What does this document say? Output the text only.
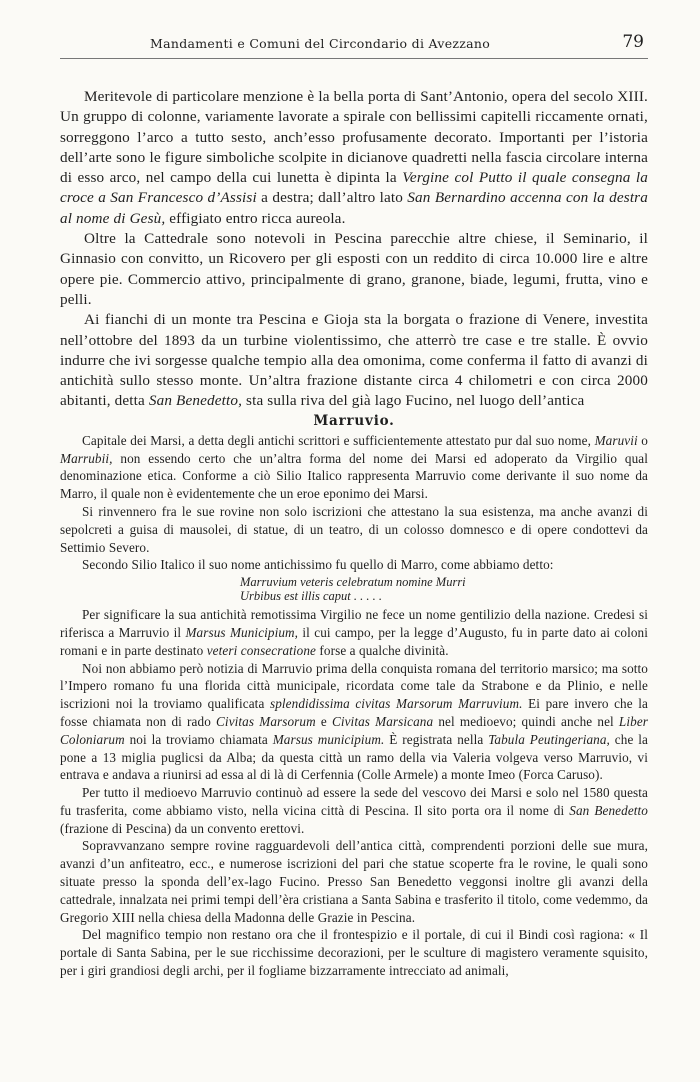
Mandamenti e Comuni del Circondario di Avezzano	79

Meritevole di particolare menzione è la bella porta di Sant’Antonio, opera del secolo XIII. Un gruppo di colonne, variamente lavorate a spirale con bellissimi capitelli riccamente ornati, sorreggono l’arco a tutto sesto, anch’esso profusamente decorato. Importanti per l’istoria dell’arte sono le figure simboliche scolpite in dicianove quadretti nella fascia circolare interna di esso arco, nel campo della cui lunetta è dipinta la Vergine col Putto il quale consegna la croce a San Francesco d’Assisi a destra; dall’altro lato San Bernardino accenna con la destra al nome di Gesù, effigiato entro ricca aureola.

Oltre la Cattedrale sono notevoli in Pescina parecchie altre chiese, il Seminario, il Ginnasio con convitto, un Ricovero per gli esposti con un reddito di circa 10.000 lire e altre opere pie. Commercio attivo, principalmente di grano, granone, biade, legumi, frutta, vino e pelli.

Ai fianchi di un monte tra Pescina e Gioja sta la borgata o frazione di Venere, investita nell’ottobre del 1893 da un turbine violentissimo, che atterrò tre case e tre stalle. È ovvio indurre che ivi sorgesse qualche tempio alla dea omonima, come conferma il fatto di avanzi di antichità sullo stesso monte. Un’altra frazione distante circa 4 chilometri e con circa 2000 abitanti, detta San Benedetto, sta sulla riva del già lago Fucino, nel luogo dell’antica

Marruvio.

Capitale dei Marsi, a detta degli antichi scrittori e sufficientemente attestato pur dal suo nome, Maruvii o Marrubii, non essendo certo che un’altra forma del nome dei Marsi ed adoperato da Virgilio qual denominazione etica. Conforme a ciò Silio Italico rappresenta Marruvio come derivante il suo nome da Marro, il quale non è evidentemente che un eroe eponimo dei Marsi.

Si rinvennero fra le sue rovine non solo iscrizioni che attestano la sua esistenza, ma anche avanzi di sepolcreti a guisa di mausolei, di statue, di un teatro, di un colosso domnesco e di opere condottevi da Settimio Severo.

Secondo Silio Italico il suo nome antichissimo fu quello di Marro, come abbiamo detto:

Marruvium veteris celebratum nomine Murri
Urbibus est illis caput . . . . .

Per significare la sua antichità remotissima Virgilio ne fece un nome gentilizio della nazione. Credesi si riferisca a Marruvio il Marsus Municipium, il cui campo, per la legge d’Augusto, fu in parte dato ai coloni romani e in parte destinato veteri consecratione forse a qualche divinità.

Noi non abbiamo però notizia di Marruvio prima della conquista romana del territorio marsico; ma sotto l’Impero romano fu una florida città municipale, ricordata come tale da Strabone e da Plinio, e nelle iscrizioni noi la troviamo qualificata splendidissima civitas Marsorum Marruvium. Ei pare invero che la fosse chiamata non di rado Civitas Marsorum e Civitas Marsicana nel medioevo; quindi anche nel Liber Coloniarum noi la troviamo chiamata Marsus municipium. È registrata nella Tabula Peutingeriana, che la pone a 13 miglia puglicsi da Alba; da questa città un ramo della via Valeria volgeva verso Marruvio, vi entrava e andava a riunirsi ad essa al di là di Cerfennia (Colle Armele) a monte Imeo (Forca Caruso).

Per tutto il medioevo Marruvio continuò ad essere la sede del vescovo dei Marsi e solo nel 1580 questa fu trasferita, come abbiamo visto, nella vicina città di Pescina. Il sito porta ora il nome di San Benedetto (frazione di Pescina) da un convento erettovi.

Sopravvanzano sempre rovine ragguardevoli dell’antica città, comprendenti porzioni delle sue mura, avanzi d’un anfiteatro, ecc., e numerose iscrizioni del pari che statue scoperte fra le rovine, le quali sono situate presso la sponda dell’ex-lago Fucino. Presso San Benedetto veggonsi inoltre gli avanzi della cattedrale, innalzata nei primi tempi dell’èra cristiana a Santa Sabina e trasferito il titolo, come vedemmo, da Gregorio XIII nella chiesa della Madonna delle Grazie in Pescina.

Del magnifico tempio non restano ora che il frontespizio e il portale, di cui il Bindi così ragiona: « Il portale di Santa Sabina, per le sue ricchissime decorazioni, per le sculture di magistero veramente squisito, per i giri grandiosi degli archi, per il fogliame bizzarramente intrecciato ad animali,
